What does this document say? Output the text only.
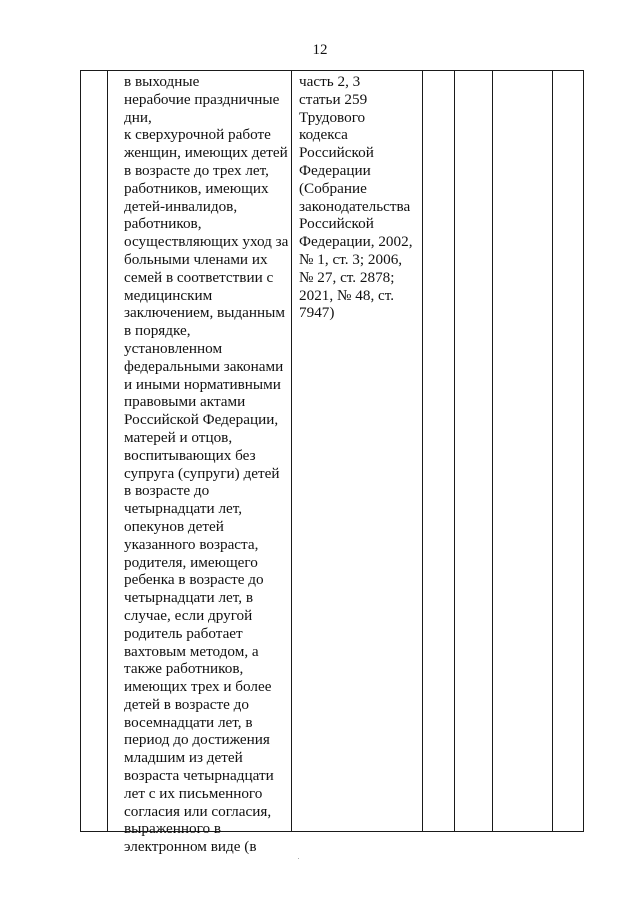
12
в выходные
нерабочие праздничные
дни,
к сверхурочной работе
женщин, имеющих детей
в возрасте до трех лет,
работников, имеющих
детей-инвалидов,
работников,
осуществляющих уход за
больными членами их
семей в соответствии с
медицинским
заключением, выданным
в порядке,
установленном
федеральными законами
и иными нормативными
правовыми актами
Российской Федерации,
матерей и отцов,
воспитывающих без
супруга (супруги) детей
в возрасте до
четырнадцати лет,
опекунов детей
указанного возраста,
родителя, имеющего
ребенка в возрасте до
четырнадцати лет, в
случае, если другой
родитель работает
вахтовым методом, а
также работников,
имеющих трех и более
детей в возрасте до
восемнадцати лет, в
период до достижения
младшим из детей
возраста четырнадцати
лет с их письменного
согласия или согласия,
выраженного в
электронном виде (в
часть 2, 3
статьи 259
Трудового
кодекса
Российской
Федерации
(Собрание
законодательства
Российской
Федерации, 2002,
№ 1, ст. 3; 2006,
№ 27, ст. 2878;
2021, № 48, ст.
7947)
